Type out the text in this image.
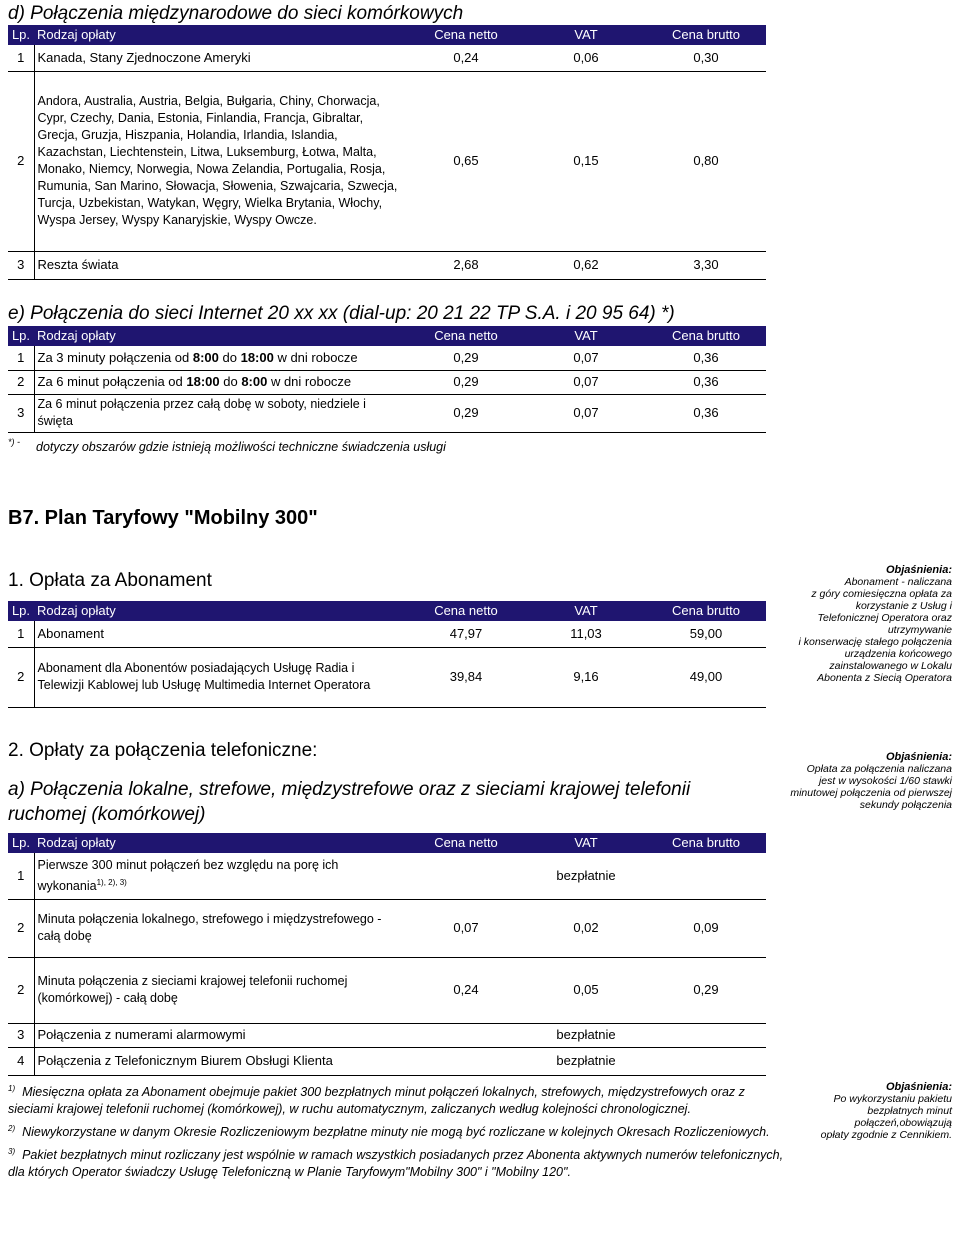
d) Połączenia międzynarodowe do sieci komórkowych
Lp.	Rodzaj opłaty	Cena netto	VAT	Cena brutto
1	Kanada, Stany Zjednoczone Ameryki	0,24	0,06	0,30
2	Andora, Australia, Austria, Belgia, Bułgaria, Chiny, Chorwacja, Cypr, Czechy, Dania, Estonia, Finlandia, Francja, Gibraltar, Grecja, Gruzja, Hiszpania, Holandia, Irlandia, Islandia, Kazachstan, Liechtenstein, Litwa, Luksemburg, Łotwa, Malta, Monako, Niemcy, Norwegia, Nowa Zelandia, Portugalia, Rosja, Rumunia, San Marino, Słowacja, Słowenia, Szwajcaria, Szwecja, Turcja, Uzbekistan, Watykan, Węgry, Wielka Brytania, Włochy, Wyspa Jersey, Wyspy Kanaryjskie, Wyspy Owcze.	0,65	0,15	0,80
3	Reszta świata	2,68	0,62	3,30
e) Połączenia do sieci Internet 20 xx xx (dial-up: 20 21 22 TP S.A. i 20 95 64) *)
Lp.	Rodzaj opłaty	Cena netto	VAT	Cena brutto
1	Za 3 minuty połączenia od 8:00 do 18:00 w dni robocze	0,29	0,07	0,36
2	Za 6 minut połączenia od 18:00 do 8:00 w dni robocze	0,29	0,07	0,36
3	Za 6 minut połączenia przez całą dobę w soboty, niedziele i święta	0,29	0,07	0,36
*) - dotyczy obszarów gdzie istnieją możliwości techniczne świadczenia usługi
B7. Plan Taryfowy "Mobilny 300"
1. Opłata za Abonament
Lp.	Rodzaj opłaty	Cena netto	VAT	Cena brutto
1	Abonament	47,97	11,03	59,00
2	Abonament dla Abonentów posiadających Usługę Radia i Telewizji Kablowej lub Usługę Multimedia Internet Operatora	39,84	9,16	49,00
Objaśnienia:
Abonament - naliczana
z góry comiesięczna opłata za
korzystanie z Usług i
Telefonicznej Operatora oraz
utrzymywanie
i konserwację stałego połączenia
urządzenia końcowego
zainstalowanego w Lokalu
Abonenta z Siecią Operatora
2. Opłaty za połączenia telefoniczne:
a) Połączenia lokalne, strefowe, międzystrefowe oraz z sieciami krajowej telefonii ruchomej (komórkowej)
Objaśnienia:
Opłata za połączenia naliczana
jest w wysokości 1/60 stawki
minutowej połączenia od pierwszej
sekundy połączenia
Lp.	Rodzaj opłaty	Cena netto	VAT	Cena brutto
1	Pierwsze 300 minut połączeń bez względu na porę ich wykonania$^{1), 2), 3)}$	bezpłatnie		
2	Minuta połączenia lokalnego, strefowego i międzystrefowego - całą dobę	0,07	0,02	0,09
2	Minuta połączenia z sieciami krajowej telefonii ruchomej (komórkowej) - całą dobę	0,24	0,05	0,29
3	Połączenia z numerami alarmowymi	bezpłatnie		
4	Połączenia z Telefonicznym Biurem Obsługi Klienta	bezpłatnie		
$^{1)}$ Miesięczna opłata za Abonament obejmuje pakiet 300 bezpłatnych minut połączeń lokalnych, strefowych, międzystrefowych oraz z sieciami krajowej telefonii ruchomej (komórkowej), w ruchu automatycznym, zaliczanych według kolejności chronologicznej.
$^{2)}$ Niewykorzystane w danym Okresie Rozliczeniowym bezpłatne minuty nie mogą być rozliczane w kolejnych Okresach Rozliczeniowych.
$^{3)}$ Pakiet bezpłatnych minut rozliczany jest wspólnie w ramach wszystkich posiadanych przez Abonenta aktywnych numerów telefonicznych, dla których Operator świadczy Usługę Telefoniczną w Planie Taryfowym"Mobilny 300" i "Mobilny 120".
Objaśnienia:
Po wykorzystaniu pakietu
bezpłatnych minut
połączeń,obowiązują
opłaty zgodnie z Cennikiem.
